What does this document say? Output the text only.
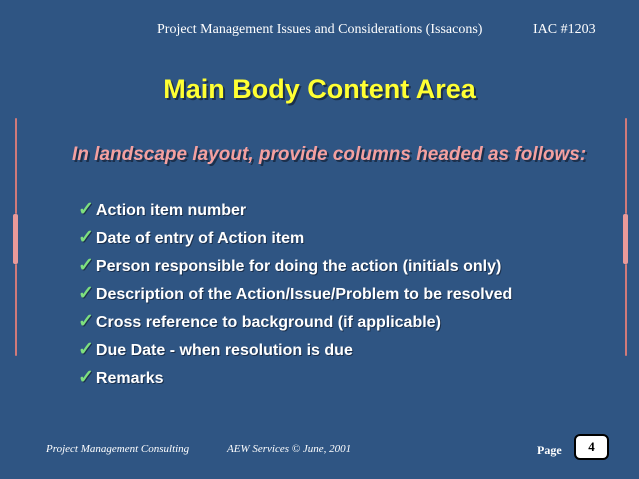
Project Management Issues and Considerations (Issacons)	IAC #1203
Main Body Content Area
In landscape layout, provide columns headed as follows:
✓ Action item number
✓ Date of entry of Action item
✓ Person responsible for doing the action (initials only)
✓ Description of the Action/Issue/Problem to be resolved
✓ Cross reference to background (if applicable)
✓ Due Date - when resolution is due
✓ Remarks
Project Management Consulting	AEW Services © June, 2001	Page	4
